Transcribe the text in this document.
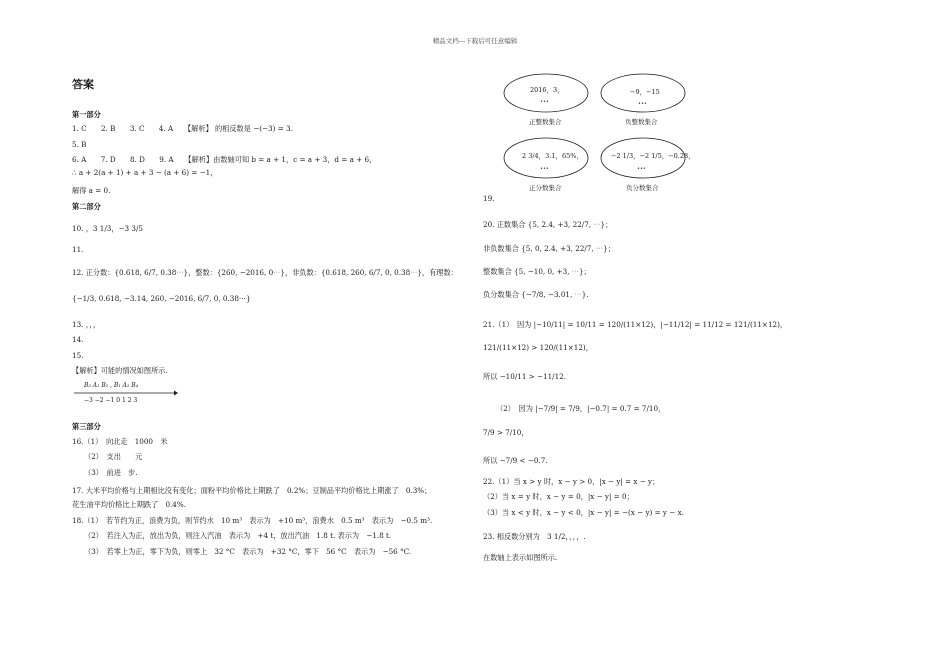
精品文档---下载后可任意编辑
答案
第一部分
1. C　　2. B　　3. C　　4. A　　【解析】 的相反数是 −(−3) = 3.
5. B
6. A　　7. D　　8. D　　9. A　　【解析】由数轴可知 b = a + 1，c = a + 3，d = a + 6，
∴ a + 2(a + 1) + a + 3 − (a + 6) = −1，
解得 a = 0.
第二部分
10. ，3 1/3，−3 3/5
11.
12. 正分数：{0.618, 6/7, 0.38⋯}，整数：{260, −2016, 0⋯}，非负数：{0.618, 260, 6/7, 0, 0.38⋯}，有理数：
{−1/3, 0.618, −3.14, 260, −2016, 6/7, 0, 0.38⋯}
13. ，，，
14.
15.
【解析】可能的情况如图所示.
B₃ A₁ B₂ , B₁ A₂ B₄
−3 −2 −1 0 1 2 3
第三部分
16.（1）　向北走　1000　米
（2）　支出　　元
（3）　前进　步.
17. 大米平均价格与上期相比没有变化；面粉平均价格比上期跌了　0.2%；豆制品平均价格比上期涨了　0.3%；
花生油平均价格比上期跌了　0.4%.
18.（1）　若节约为正，浪费为负，则节约水　10 m³　表示为　+10 m³，浪费水　0.5 m³　表示为　−0.5 m³.
（2）　若注入为正，放出为负，则注入汽油　表示为　+4 t，放出汽油　1.8 t. 表示为　−1.8 t.
（3）　若零上为正，零下为负，则零上　32 °C　表示为　+32 °C，零下　56 °C　表示为　−56 °C.
2016，3，
•••
正整数集合
−9，−15
•••
负整数集合
2 3/4，3.1，65%，
•••
正分数集合
−2 1/3，−2 1/5，−0.28，
•••
负分数集合
19.
20. 正数集合 {5, 2.4, +3, 22/7, ⋯}；
非负数集合 {5, 0, 2.4, +3, 22/7, ⋯}；
整数集合 {5, −10, 0, +3, ⋯}；
负分数集合 {−7/8, −3.01, ⋯}.
21.（1）　因为 |−10/11| = 10/11 = 120/(11×12)，|−11/12| = 11/12 = 121/(11×12)，
121/(11×12) > 120/(11×12)，
所以 −10/11 > −11/12.
（2）　因为 |−7/9| = 7/9，|−0.7| = 0.7 = 7/10，
7/9 > 7/10，
所以 −7/9 < −0.7.
22.（1）当 x > y 时，x − y > 0，|x − y| = x − y；
（2）当 x = y 时，x − y = 0，|x − y| = 0；
（3）当 x < y 时，x − y < 0，|x − y| = −(x − y) = y − x.
23. 相反数分别为　3 1/2，，，，.
在数轴上表示如图所示.
